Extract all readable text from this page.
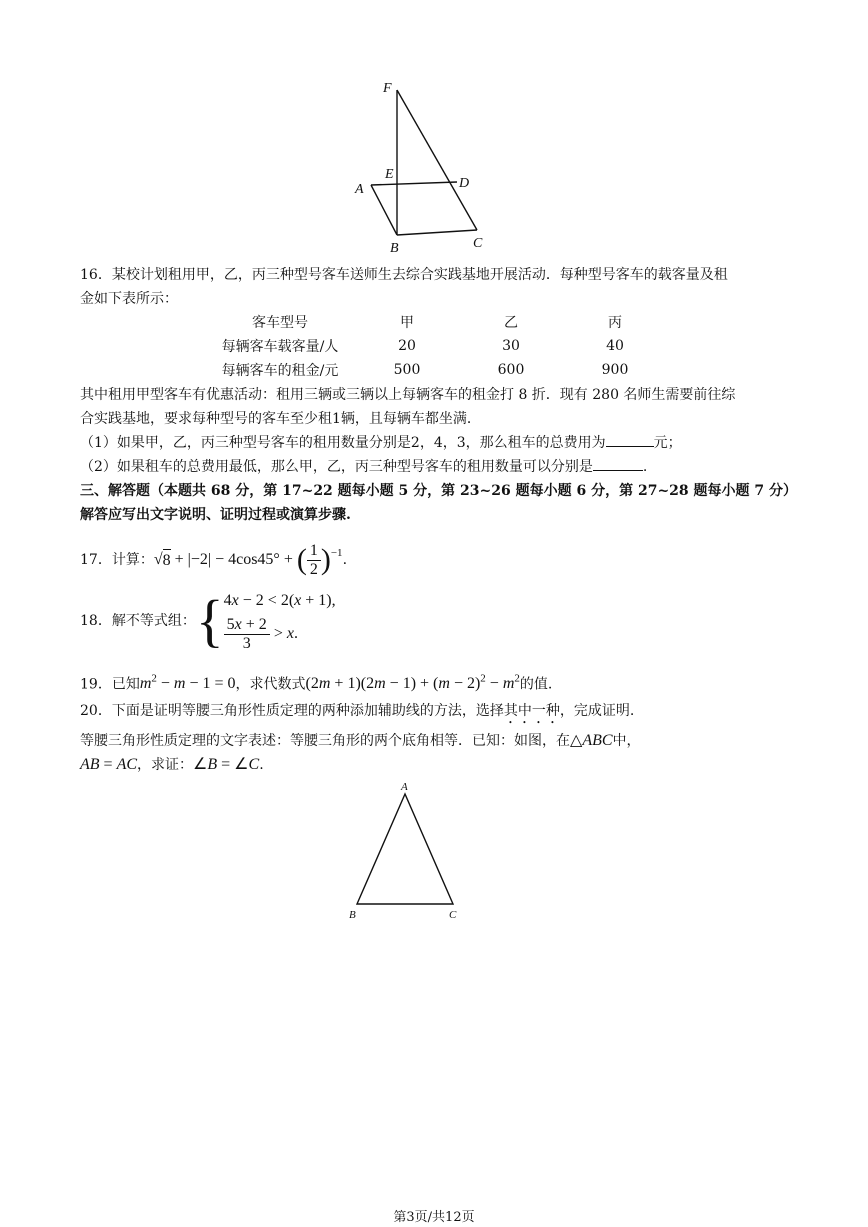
F
E
D
A
B	C
16．某校计划租用甲，乙，丙三种型号客车送师生去综合实践基地开展活动．每种型号客车的载客量及租
金如下表所示：
客车型号	甲	乙	丙
每辆客车载客量/人	20	30	40
每辆客车的租金/元	500	600	900
其中租用甲型客车有优惠活动：租用三辆或三辆以上每辆客车的租金打 8 折．现有 280 名师生需要前往综
合实践基地，要求每种型号的客车至少租1辆，且每辆车都坐满．
（1）如果甲，乙，丙三种型号客车的租用数量分别是2，4，3，那么租车的总费用为	元；
（2）如果租车的总费用最低，那么甲，乙，丙三种型号客车的租用数量可以分别是	.
三、解答题（本题共 68 分，第 17~22 题每小题 5 分，第 23~26 题每小题 6 分，第 27~28 题每小题 7 分）
解答应写出文字说明、证明过程或演算步骤.
17．计算： √ 8 + |−2| − 4cos45° + ( $\frac{1}{2}$ ) −1 .
18．解不等式组： { 4x − 2 < 2(x + 1),
$\frac{5x + 2}{3} > x$ .
19．已知$m^2 - m - 1 = 0$，求代数式$(2m + 1)(2m - 1) + (m - 2)^2 - m^2$的值.
20．下面是证明等腰三角形性质定理的两种添加辅助线的方法，选择其中一种，完成证明.
等腰三角形性质定理的文字表述：等腰三角形的两个底角相等．已知：如图，在△ABC中，
AB = AC，求证：∠B = ∠C.
A
B	C
第3页/共12页
